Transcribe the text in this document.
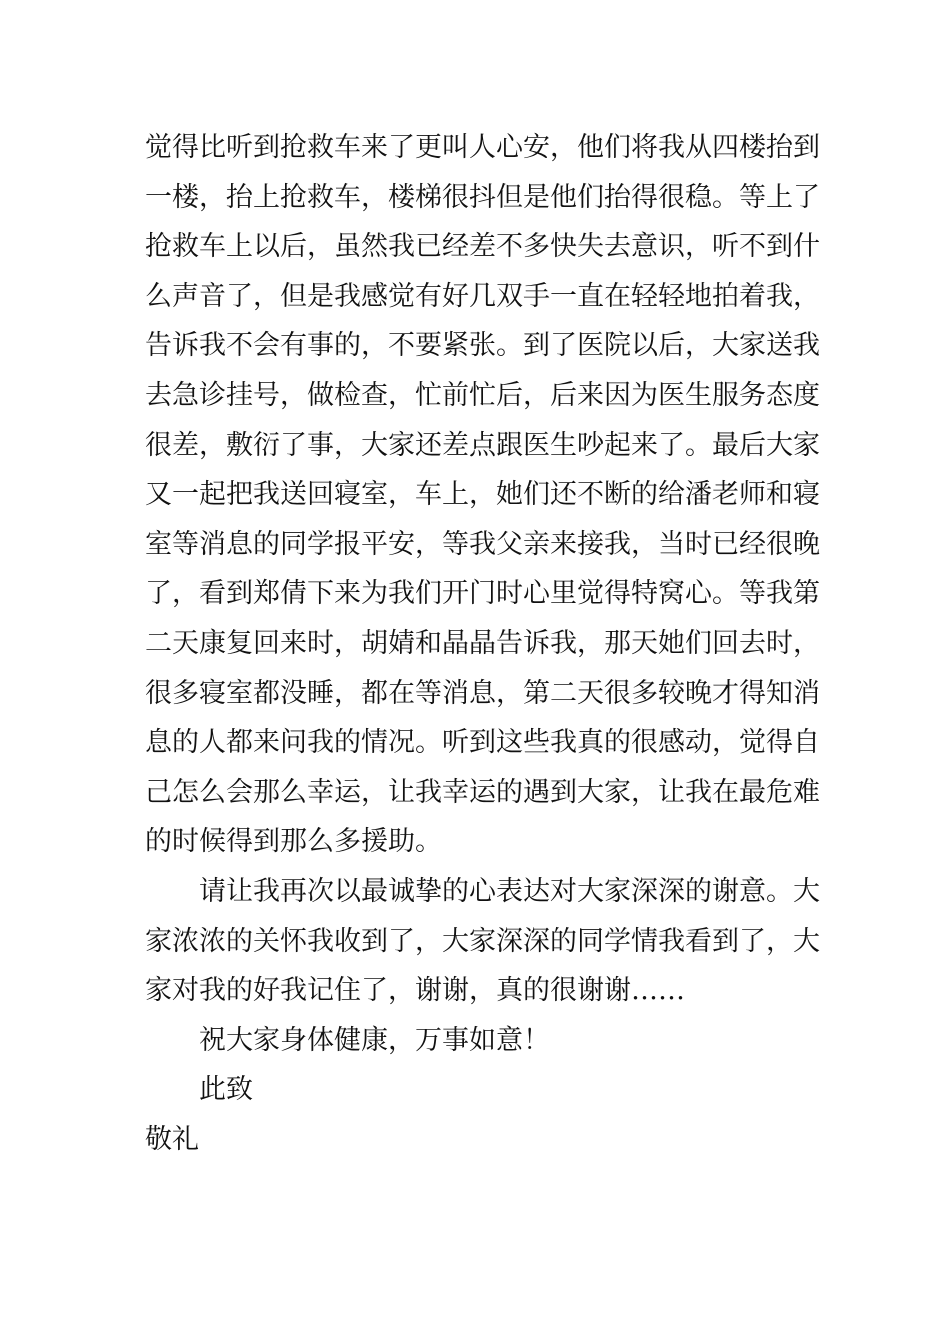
觉得比听到抢救车来了更叫人心安，他们将我从四楼抬到
一楼，抬上抢救车，楼梯很抖但是他们抬得很稳。等上了
抢救车上以后，虽然我已经差不多快失去意识，听不到什
么声音了，但是我感觉有好几双手一直在轻轻地拍着我，
告诉我不会有事的，不要紧张。到了医院以后，大家送我
去急诊挂号，做检查，忙前忙后，后来因为医生服务态度
很差，敷衍了事，大家还差点跟医生吵起来了。最后大家
又一起把我送回寝室，车上，她们还不断的给潘老师和寝
室等消息的同学报平安，等我父亲来接我，当时已经很晚
了，看到郑倩下来为我们开门时心里觉得特窝心。等我第
二天康复回来时，胡婧和晶晶告诉我，那天她们回去时，
很多寝室都没睡，都在等消息，第二天很多较晚才得知消
息的人都来问我的情况。听到这些我真的很感动，觉得自
己怎么会那么幸运，让我幸运的遇到大家，让我在最危难
的时候得到那么多援助。
请让我再次以最诚挚的心表达对大家深深的谢意。大
家浓浓的关怀我收到了，大家深深的同学情我看到了，大
家对我的好我记住了，谢谢，真的很谢谢……
祝大家身体健康，万事如意！
此致
敬礼
